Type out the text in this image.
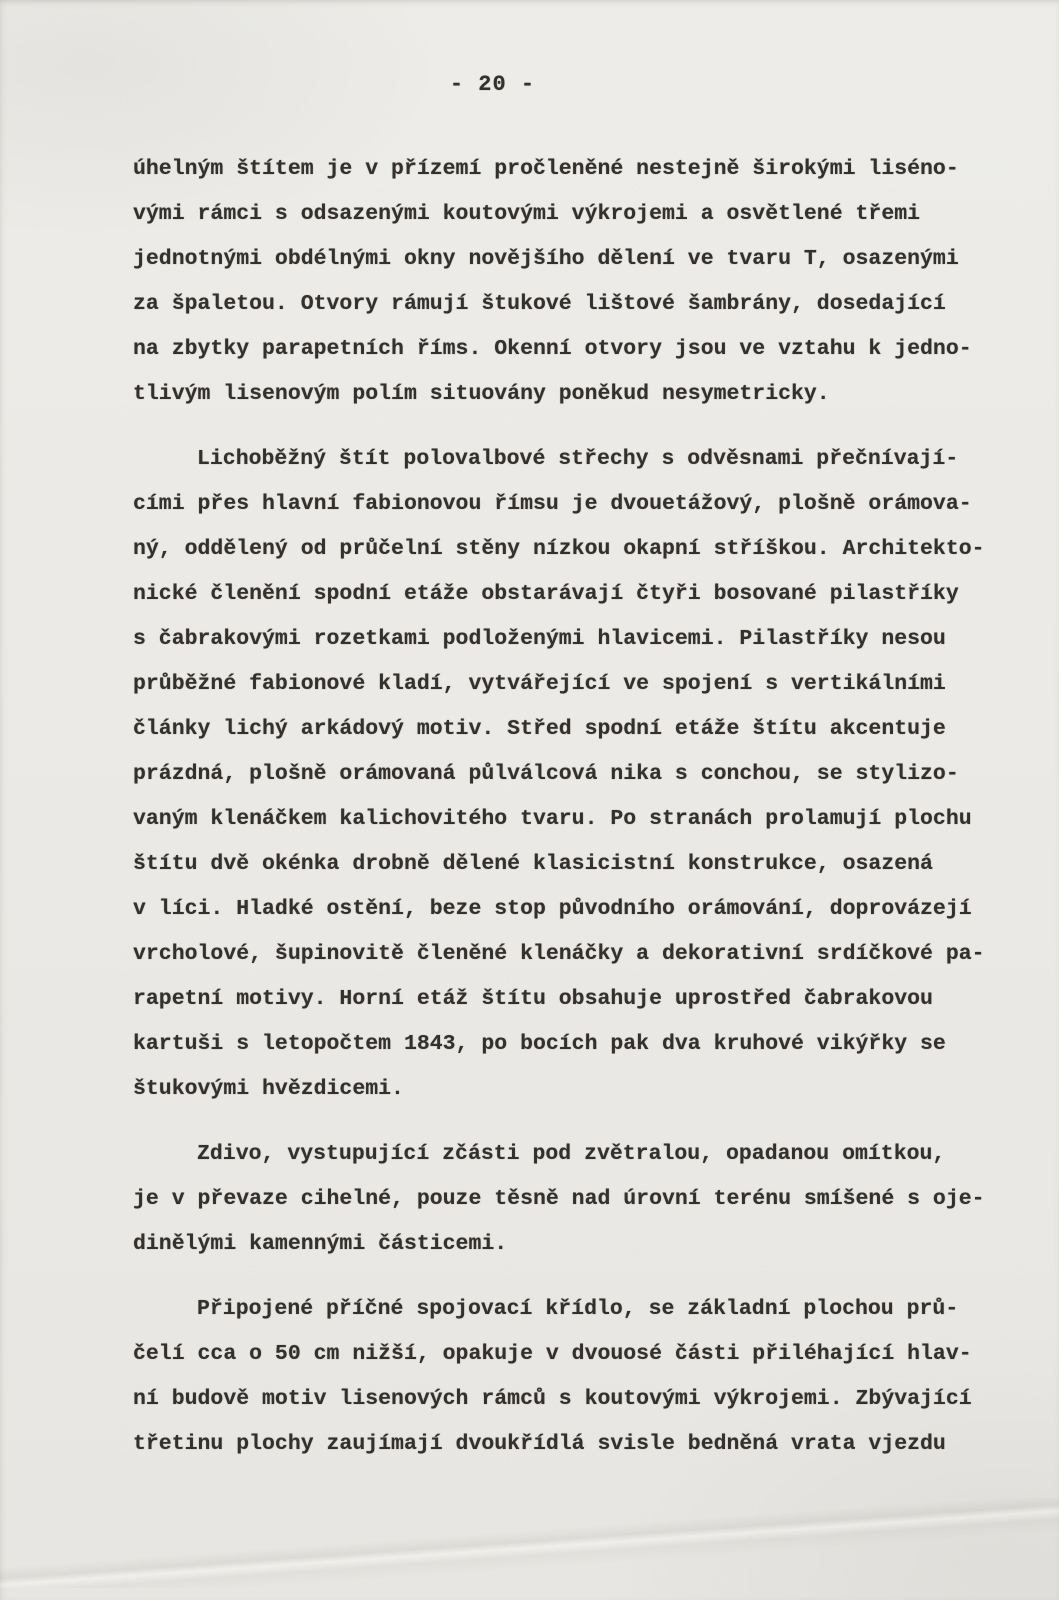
- 20 -
úhelným štítem je v přízemí pročleněné nestejně širokými liséno-
vými rámci s odsazenými koutovými výkrojemi a osvětlené třemi
jednotnými obdélnými okny novějšího dělení ve tvaru T, osazenými
za špaletou. Otvory rámují štukové lištové šambrány, dosedající
na zbytky parapetních říms. Okenní otvory jsou ve vztahu k jedno-
tlivým lisenovým polím situovány poněkud nesymetricky.
Lichoběžný štít polovalbové střechy s odvěsnami přečnívají-
cími přes hlavní fabionovou římsu je dvouetážový, plošně orámova-
ný, oddělený od průčelní stěny nízkou okapní stříškou. Architekto-
nické členění spodní etáže obstarávají čtyři bosované pilastříky
s čabrakovými rozetkami podloženými hlavicemi. Pilastříky nesou
průběžné fabionové kladí, vytvářející ve spojení s vertikálními
články lichý arkádový motiv. Střed spodní etáže štítu akcentuje
prázdná, plošně orámovaná půlválcová nika s conchou, se stylizo-
vaným klenáčkem kalichovitého tvaru. Po stranách prolamují plochu
štítu dvě okénka drobně dělené klasicistní konstrukce, osazená
v líci. Hladké ostění, beze stop původního orámování, doprovázejí
vrcholové, šupinovitě členěné klenáčky a dekorativní srdíčkové pa-
rapetní motivy. Horní etáž štítu obsahuje uprostřed čabrakovou
kartuši s letopočtem 1843, po bocích pak dva kruhové vikýřky se
štukovými hvězdicemi.
Zdivo, vystupující zčásti pod zvětralou, opadanou omítkou,
je v převaze cihelné, pouze těsně nad úrovní terénu smíšené s oje-
dinělými kamennými částicemi.
Připojené příčné spojovací křídlo, se základní plochou prů-
čelí cca o 50 cm nižší, opakuje v dvouosé části přiléhající hlav-
ní budově motiv lisenových rámců s koutovými výkrojemi. Zbývající
třetinu plochy zaujímají dvoukřídlá svisle bedněná vrata vjezdu
